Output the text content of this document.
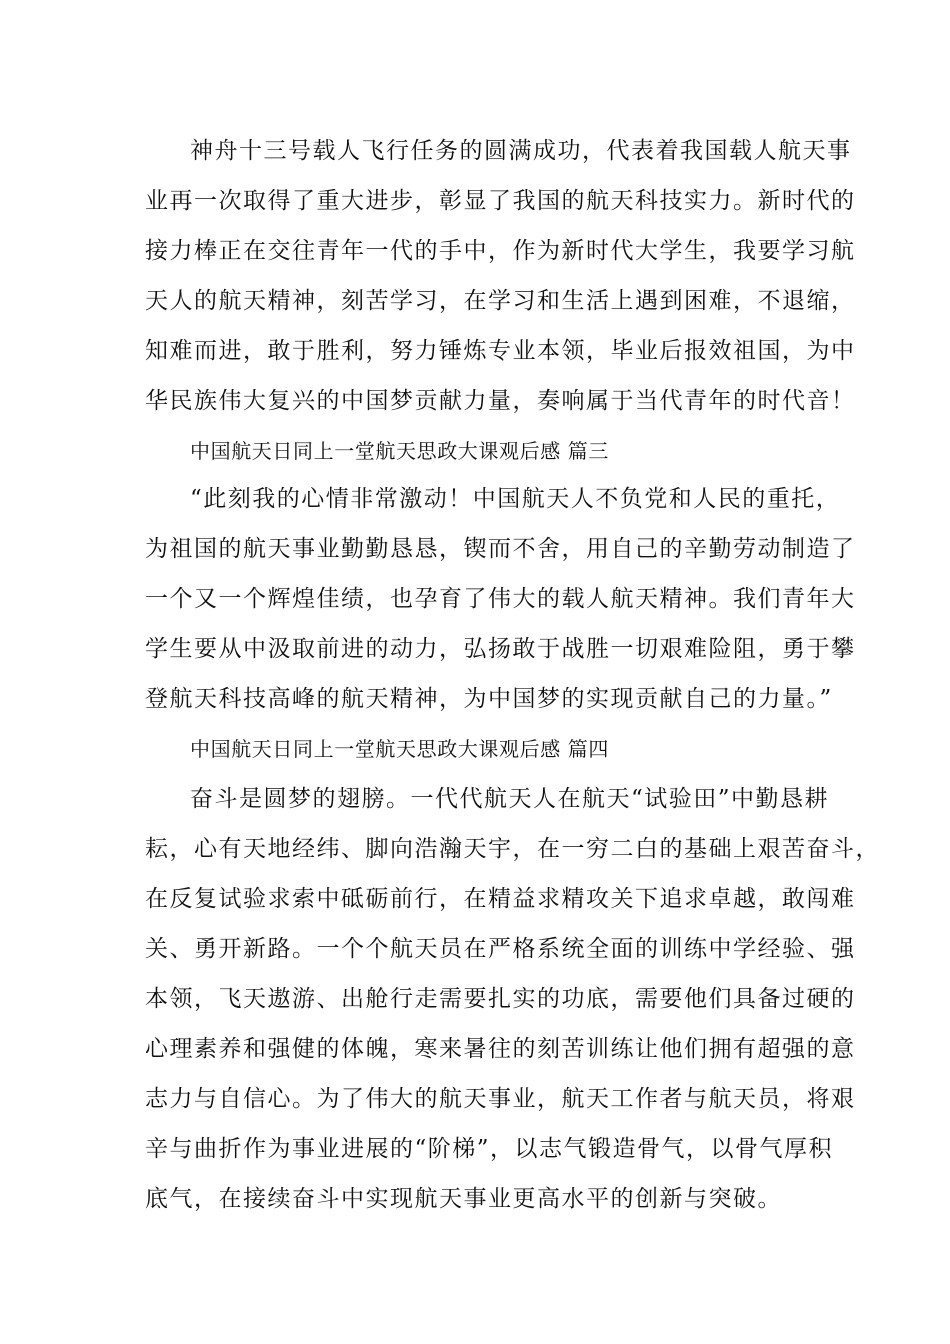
神舟十三号载人飞行任务的圆满成功，代表着我国载人航天事

业再一次取得了重大进步，彰显了我国的航天科技实力。新时代的

接力棒正在交往青年一代的手中，作为新时代大学生，我要学习航

天人的航天精神，刻苦学习，在学习和生活上遇到困难，不退缩，

知难而进，敢于胜利，努力锤炼专业本领，毕业后报效祖国，为中

华民族伟大复兴的中国梦贡献力量，奏响属于当代青年的时代音！

中国航天日同上一堂航天思政大课观后感 篇三

“此刻我的心情非常激动！中国航天人不负党和人民的重托，

为祖国的航天事业勤勤恳恳，锲而不舍，用自己的辛勤劳动制造了

一个又一个辉煌佳绩，也孕育了伟大的载人航天精神。我们青年大

学生要从中汲取前进的动力，弘扬敢于战胜一切艰难险阻，勇于攀

登航天科技高峰的航天精神，为中国梦的实现贡献自己的力量。”

中国航天日同上一堂航天思政大课观后感 篇四

奋斗是圆梦的翅膀。一代代航天人在航天“试验田”中勤恳耕

耘，心有天地经纬、脚向浩瀚天宇，在一穷二白的基础上艰苦奋斗，

在反复试验求索中砥砺前行，在精益求精攻关下追求卓越，敢闯难

关、勇开新路。一个个航天员在严格系统全面的训练中学经验、强

本领，飞天遨游、出舱行走需要扎实的功底，需要他们具备过硬的

心理素养和强健的体魄，寒来暑往的刻苦训练让他们拥有超强的意

志力与自信心。为了伟大的航天事业，航天工作者与航天员，将艰

辛与曲折作为事业进展的“阶梯”，以志气锻造骨气，以骨气厚积

底气，在接续奋斗中实现航天事业更高水平的创新与突破。
